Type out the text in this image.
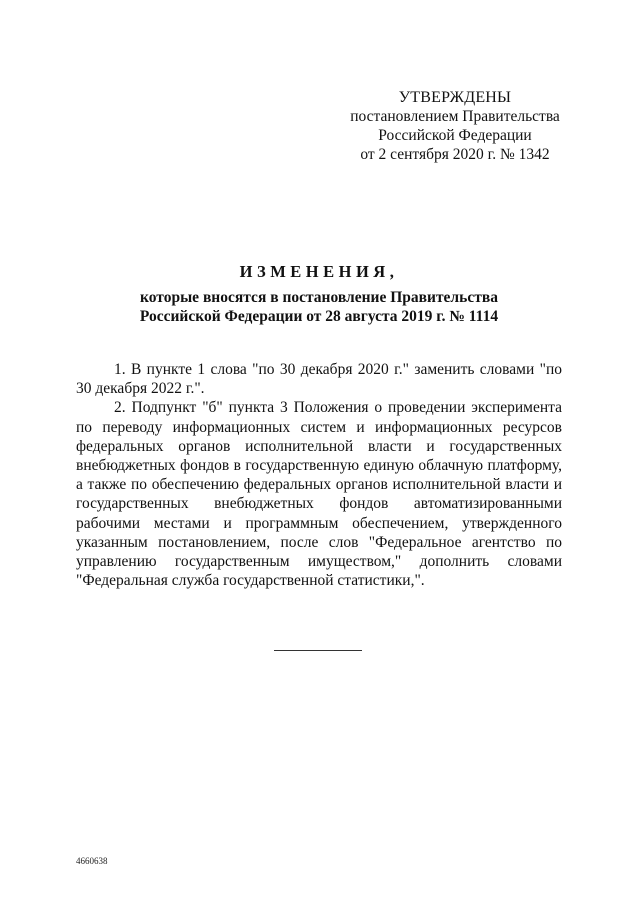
УТВЕРЖДЕНЫ
постановлением Правительства
Российской Федерации
от 2 сентября 2020 г. № 1342
ИЗМЕНЕНИЯ,
которые вносятся в постановление Правительства
Российской Федерации от 28 августа 2019 г. № 1114

1. В пункте 1 слова "по 30 декабря 2020 г." заменить словами "по 30 декабря 2022 г.".

2. Подпункт "б" пункта 3 Положения о проведении эксперимента по переводу информационных систем и информационных ресурсов федеральных органов исполнительной власти и государственных внебюджетных фондов в государственную единую облачную платформу, а также по обеспечению федеральных органов исполнительной власти и государственных внебюджетных фондов автоматизированными рабочими местами и программным обеспечением, утвержденного указанным постановлением, после слов "Федеральное агентство по управлению государственным имуществом," дополнить словами "Федеральная служба государственной статистики,".

4660638
